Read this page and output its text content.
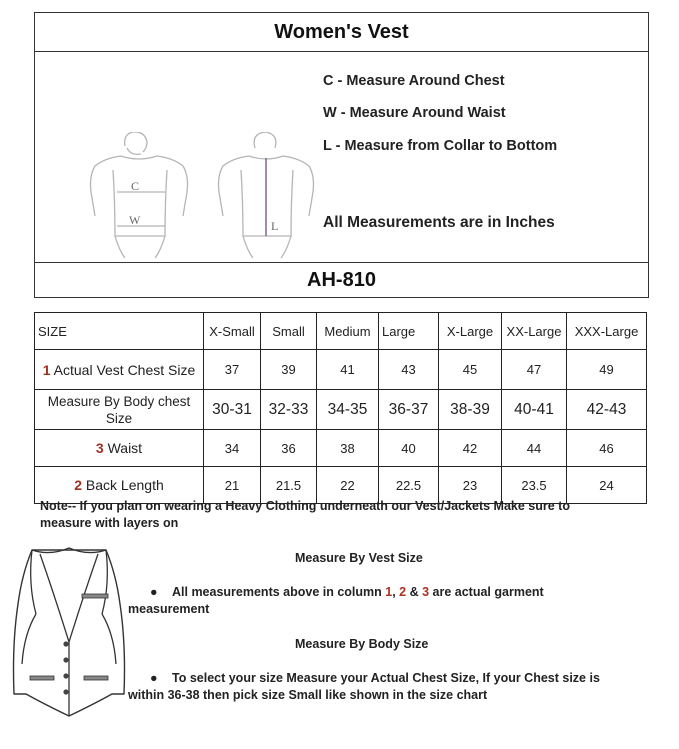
Women's Vest
C
W	L
C - Measure Around Chest
W - Measure Around Waist
L - Measure from Collar to Bottom
All Measurements are in Inches
AH-810
SIZE	X-Small	Small	Medium	Large	X-Large	XX-Large	XXX-Large
1 Actual Vest Chest Size	37	39	41	43	45	47	49
Measure By Body chest Size	30-31	32-33	34-35	36-37	38-39	40-41	42-43
3 Waist	34	36	38	40	42	44	46
2 Back Length	21	21.5	22	22.5	23	23.5	24
Note-- If you plan on wearing a Heavy Clothing underneath our Vest/Jackets Make sure to measure with layers on
Measure By Vest Size
● All measurements above in column 1, 2 & 3 are actual garment measurement
Measure By Body Size
● To select your size Measure your Actual Chest Size, If your Chest size is within 36-38 then pick size Small like shown in the size chart
